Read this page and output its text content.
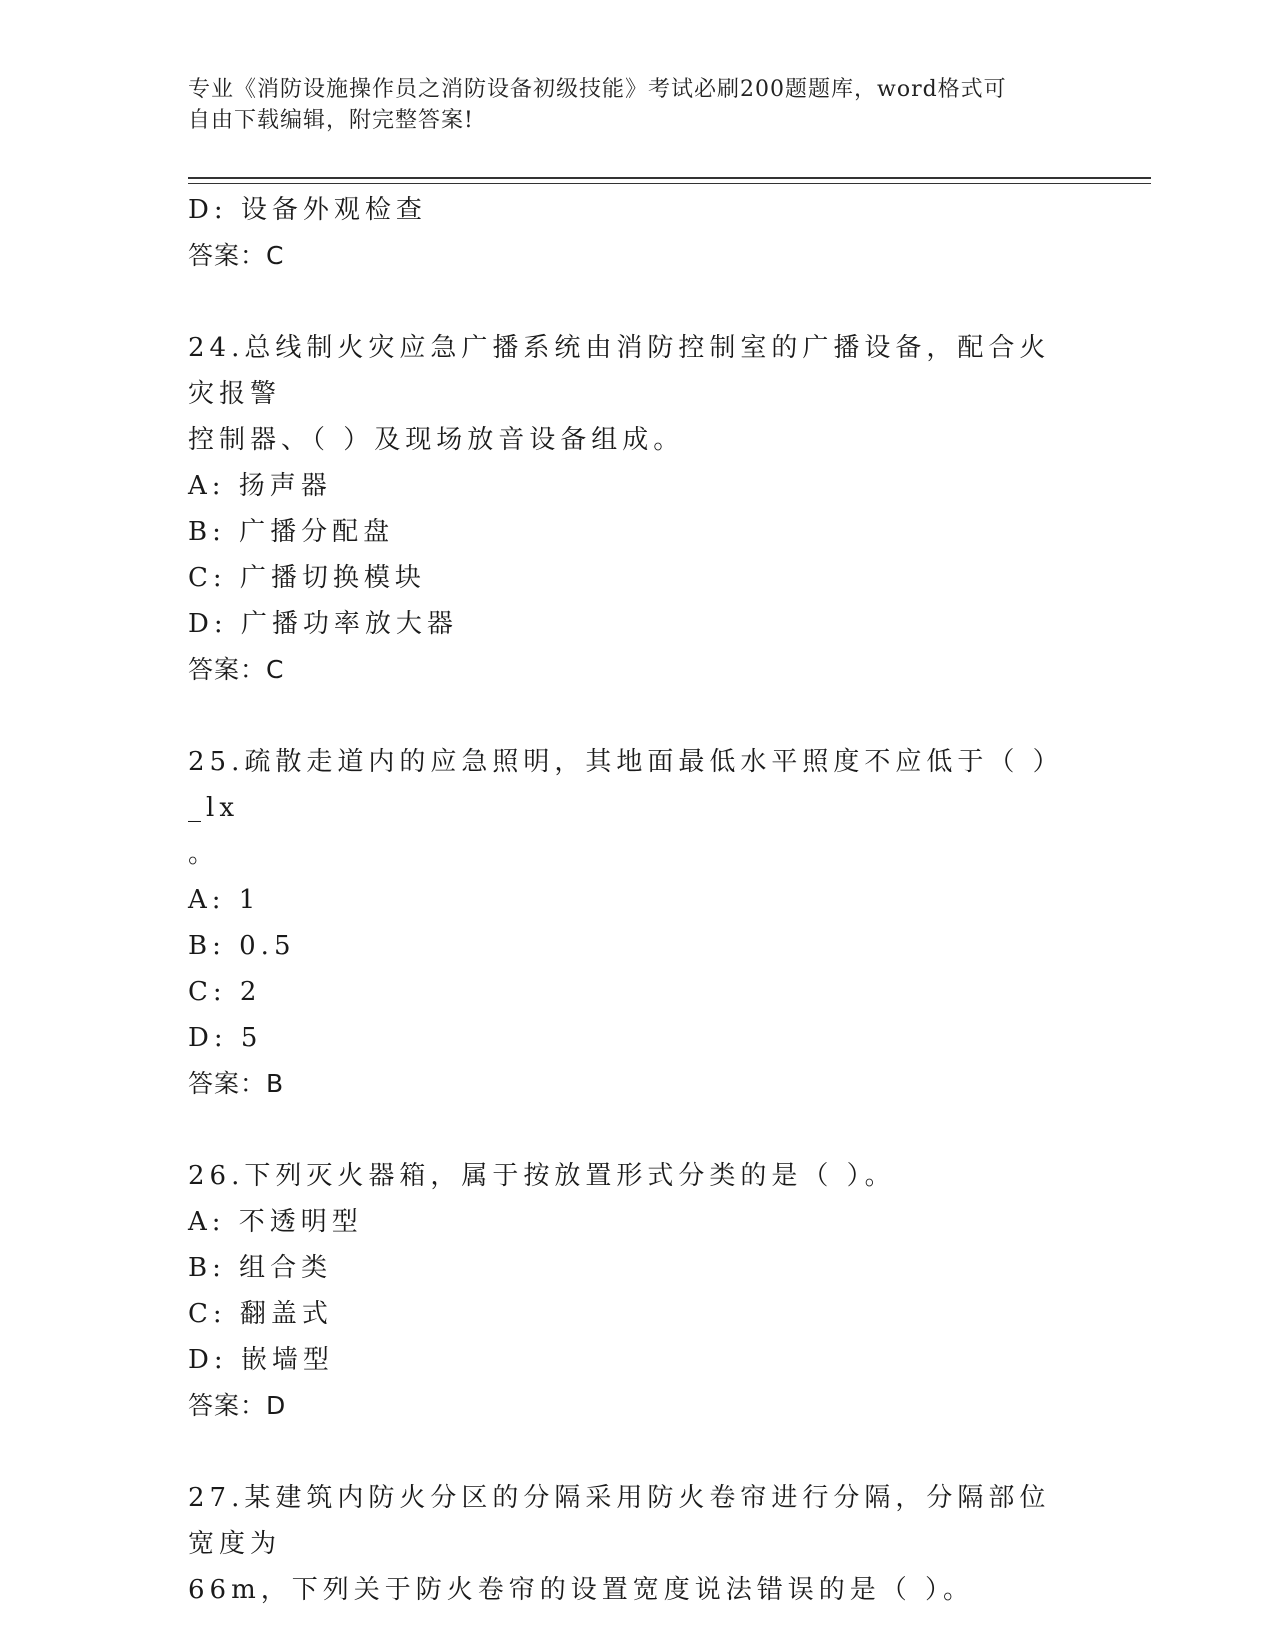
专业《消防设施操作员之消防设备初级技能》考试必刷200题题库，word格式可
自由下载编辑，附完整答案!
D: 设备外观检查
答案：C
24.总线制火灾应急广播系统由消防控制室的广播设备，配合火灾报警
控制器、（ ）及现场放音设备组成。
A: 扬声器
B: 广播分配盘
C: 广播切换模块
D: 广播功率放大器
答案：C
25.疏散走道内的应急照明，其地面最低水平照度不应低于（ ）_lx
。
A: 1
B: 0.5
C: 2
D: 5
答案：B
26.下列灭火器箱，属于按放置形式分类的是（ ）。
A: 不透明型
B: 组合类
C: 翻盖式
D: 嵌墙型
答案：D
27.某建筑内防火分区的分隔采用防火卷帘进行分隔，分隔部位宽度为
66m，下列关于防火卷帘的设置宽度说法错误的是（ ）。
